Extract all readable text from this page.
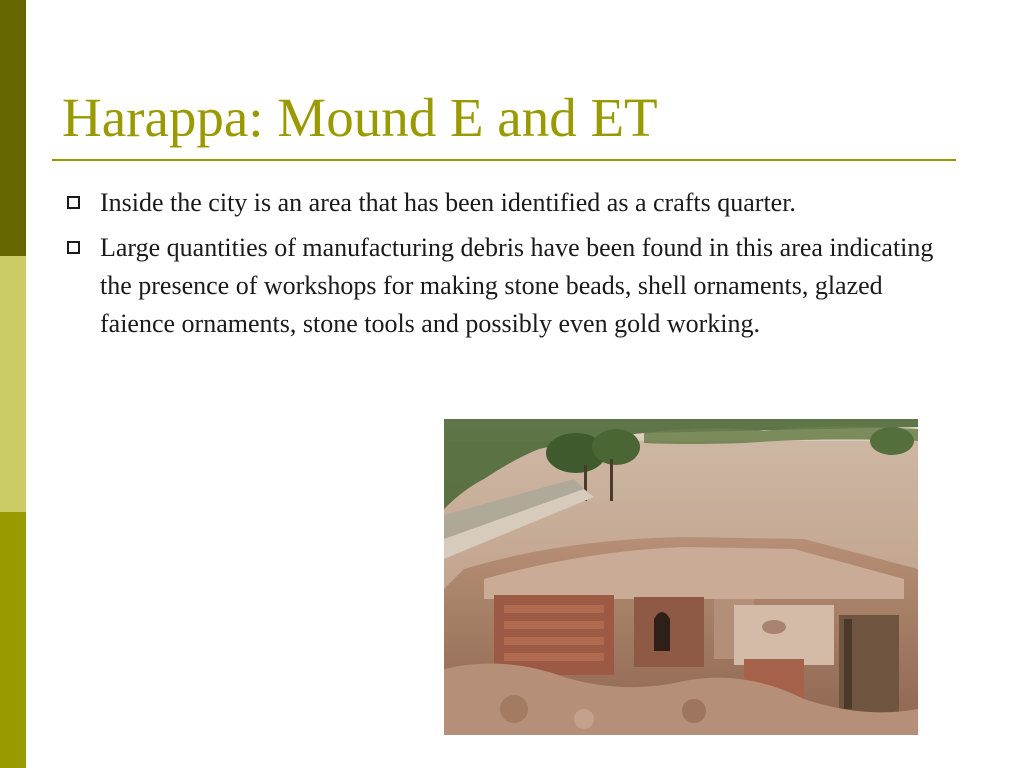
Harappa: Mound E and ET
Inside the city is an area that has been identified as a crafts quarter.
Large quantities of manufacturing debris have been found in this area indicating the presence of workshops for making stone beads, shell ornaments, glazed faience ornaments, stone tools and possibly even gold working.
